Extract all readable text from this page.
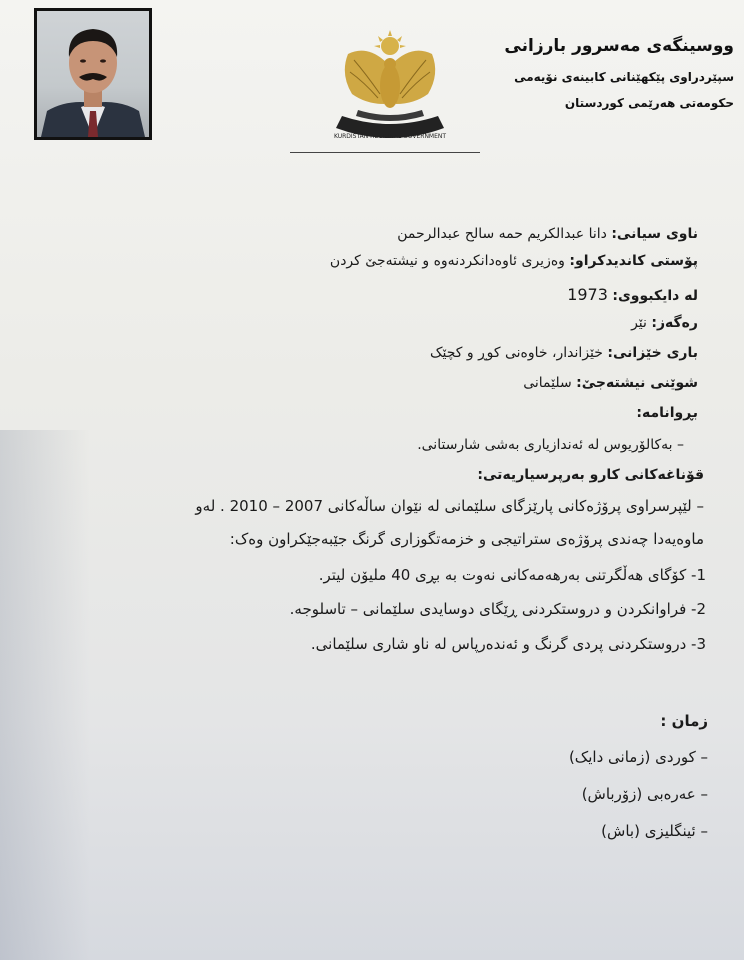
KURDISTAN REGIONAL GOVERNMENT
ووسینگەی مەسرور بارزانی
سپێردراوی پێکهێنانی کابینەی نۆیەمی
حکومەتی هەرێمی کوردستان
ناوی سیانی: دانا عبدالكريم حمه سالح عبدالرحمن
پۆستی کاندیدکراو: وەزیری ئاوەدانکردنەوە و نیشتەجێ کردن
لە دایکبووی: 1973
رەگەز: نێر
باری خێزانی: خێزاندار، خاوەنی کوڕ و کچێک
شوێنی نیشتەجێ: سلێمانی
بڕوانامە:
– بەکالۆریوس لە ئەندازیاری بەشی شارستانی.
قۆناغەکانی کارو بەرپرسیاریەتی:
– لێپرسراوی پرۆژەکانی پارێزگای سلێمانی لە نێوان ساڵەکانی 2007 – 2010 . لەو
ماوەیەدا چەندی پرۆژەی ستراتیجی و خزمەتگوزاری گرنگ جێبەجێکراون وەک:
1- کۆگای هەڵگرتنی بەرهەمەکانی نەوت بە بڕی 40 ملیۆن لیتر.
2- فراوانکردن و دروستکردنی ڕێگای دوسایدی سلێمانی – تاسلوجە.
3- دروستکردنی پردی گرنگ و ئەندەرپاس لە ناو شاری سلێمانی.
زمان :
– کوردی (زمانی دایک)
– عەرەبی (زۆرباش)
– ئینگلیزی (باش)
